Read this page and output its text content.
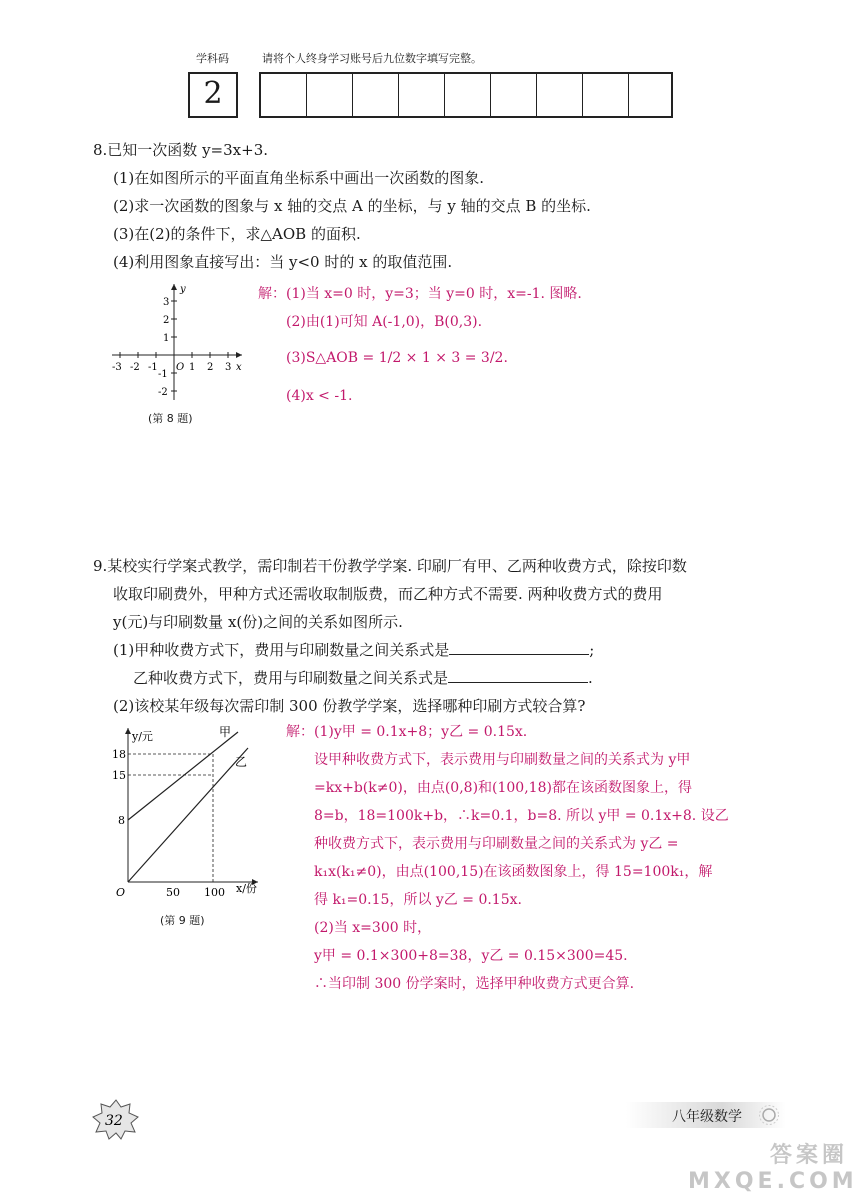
学科码	请将个人终身学习账号后九位数字填写完整。
2
8.已知一次函数 y=3x+3.
(1)在如图所示的平面直角坐标系中画出一次函数的图象.
(2)求一次函数的图象与 x 轴的交点 A 的坐标，与 y 轴的交点 B 的坐标.
(3)在(2)的条件下，求△AOB 的面积.
(4)利用图象直接写出：当 y<0 时的 x 的取值范围.
y
x
O
-3 -2 -1	1 2 3
3
2
1
-1
-2
(第 8 题)
解：(1)当 x=0 时，y=3；当 y=0 时，x=-1. 图略.
(2)由(1)可知 A(-1,0)，B(0,3).
(3)S△AOB = 1/2 × 1 × 3 = 3/2.
(4)x < -1.
9.某校实行学案式教学，需印制若干份教学学案. 印刷厂有甲、乙两种收费方式，除按印数
收取印刷费外，甲种方式还需收取制版费，而乙种方式不需要. 两种收费方式的费用
y(元)与印刷数量 x(份)之间的关系如图所示.
(1)甲种收费方式下，费用与印刷数量之间关系式是	;
乙种收费方式下，费用与印刷数量之间关系式是	.
(2)该校某年级每次需印制 300 份教学学案，选择哪种印刷方式较合算?
18
15
8
50 100
O
y/元
x/份
甲
乙
(第 9 题)
解：(1)y甲 = 0.1x+8；y乙 = 0.15x.
设甲种收费方式下，表示费用与印刷数量之间的关系式为 y甲
=kx+b(k≠0)，由点(0,8)和(100,18)都在该函数图象上，得
8=b，18=100k+b，∴k=0.1，b=8. 所以 y甲 = 0.1x+8. 设乙
种收费方式下，表示费用与印刷数量之间的关系式为 y乙 =
k₁x(k₁≠0)，由点(100,15)在该函数图象上，得 15=100k₁，解
得 k₁=0.15，所以 y乙 = 0.15x.
(2)当 x=300 时，
y甲 = 0.1×300+8=38，y乙 = 0.15×300=45.
∴当印制 300 份学案时，选择甲种收费方式更合算.
32	八年级数学
答案圈 MXQE.COM
